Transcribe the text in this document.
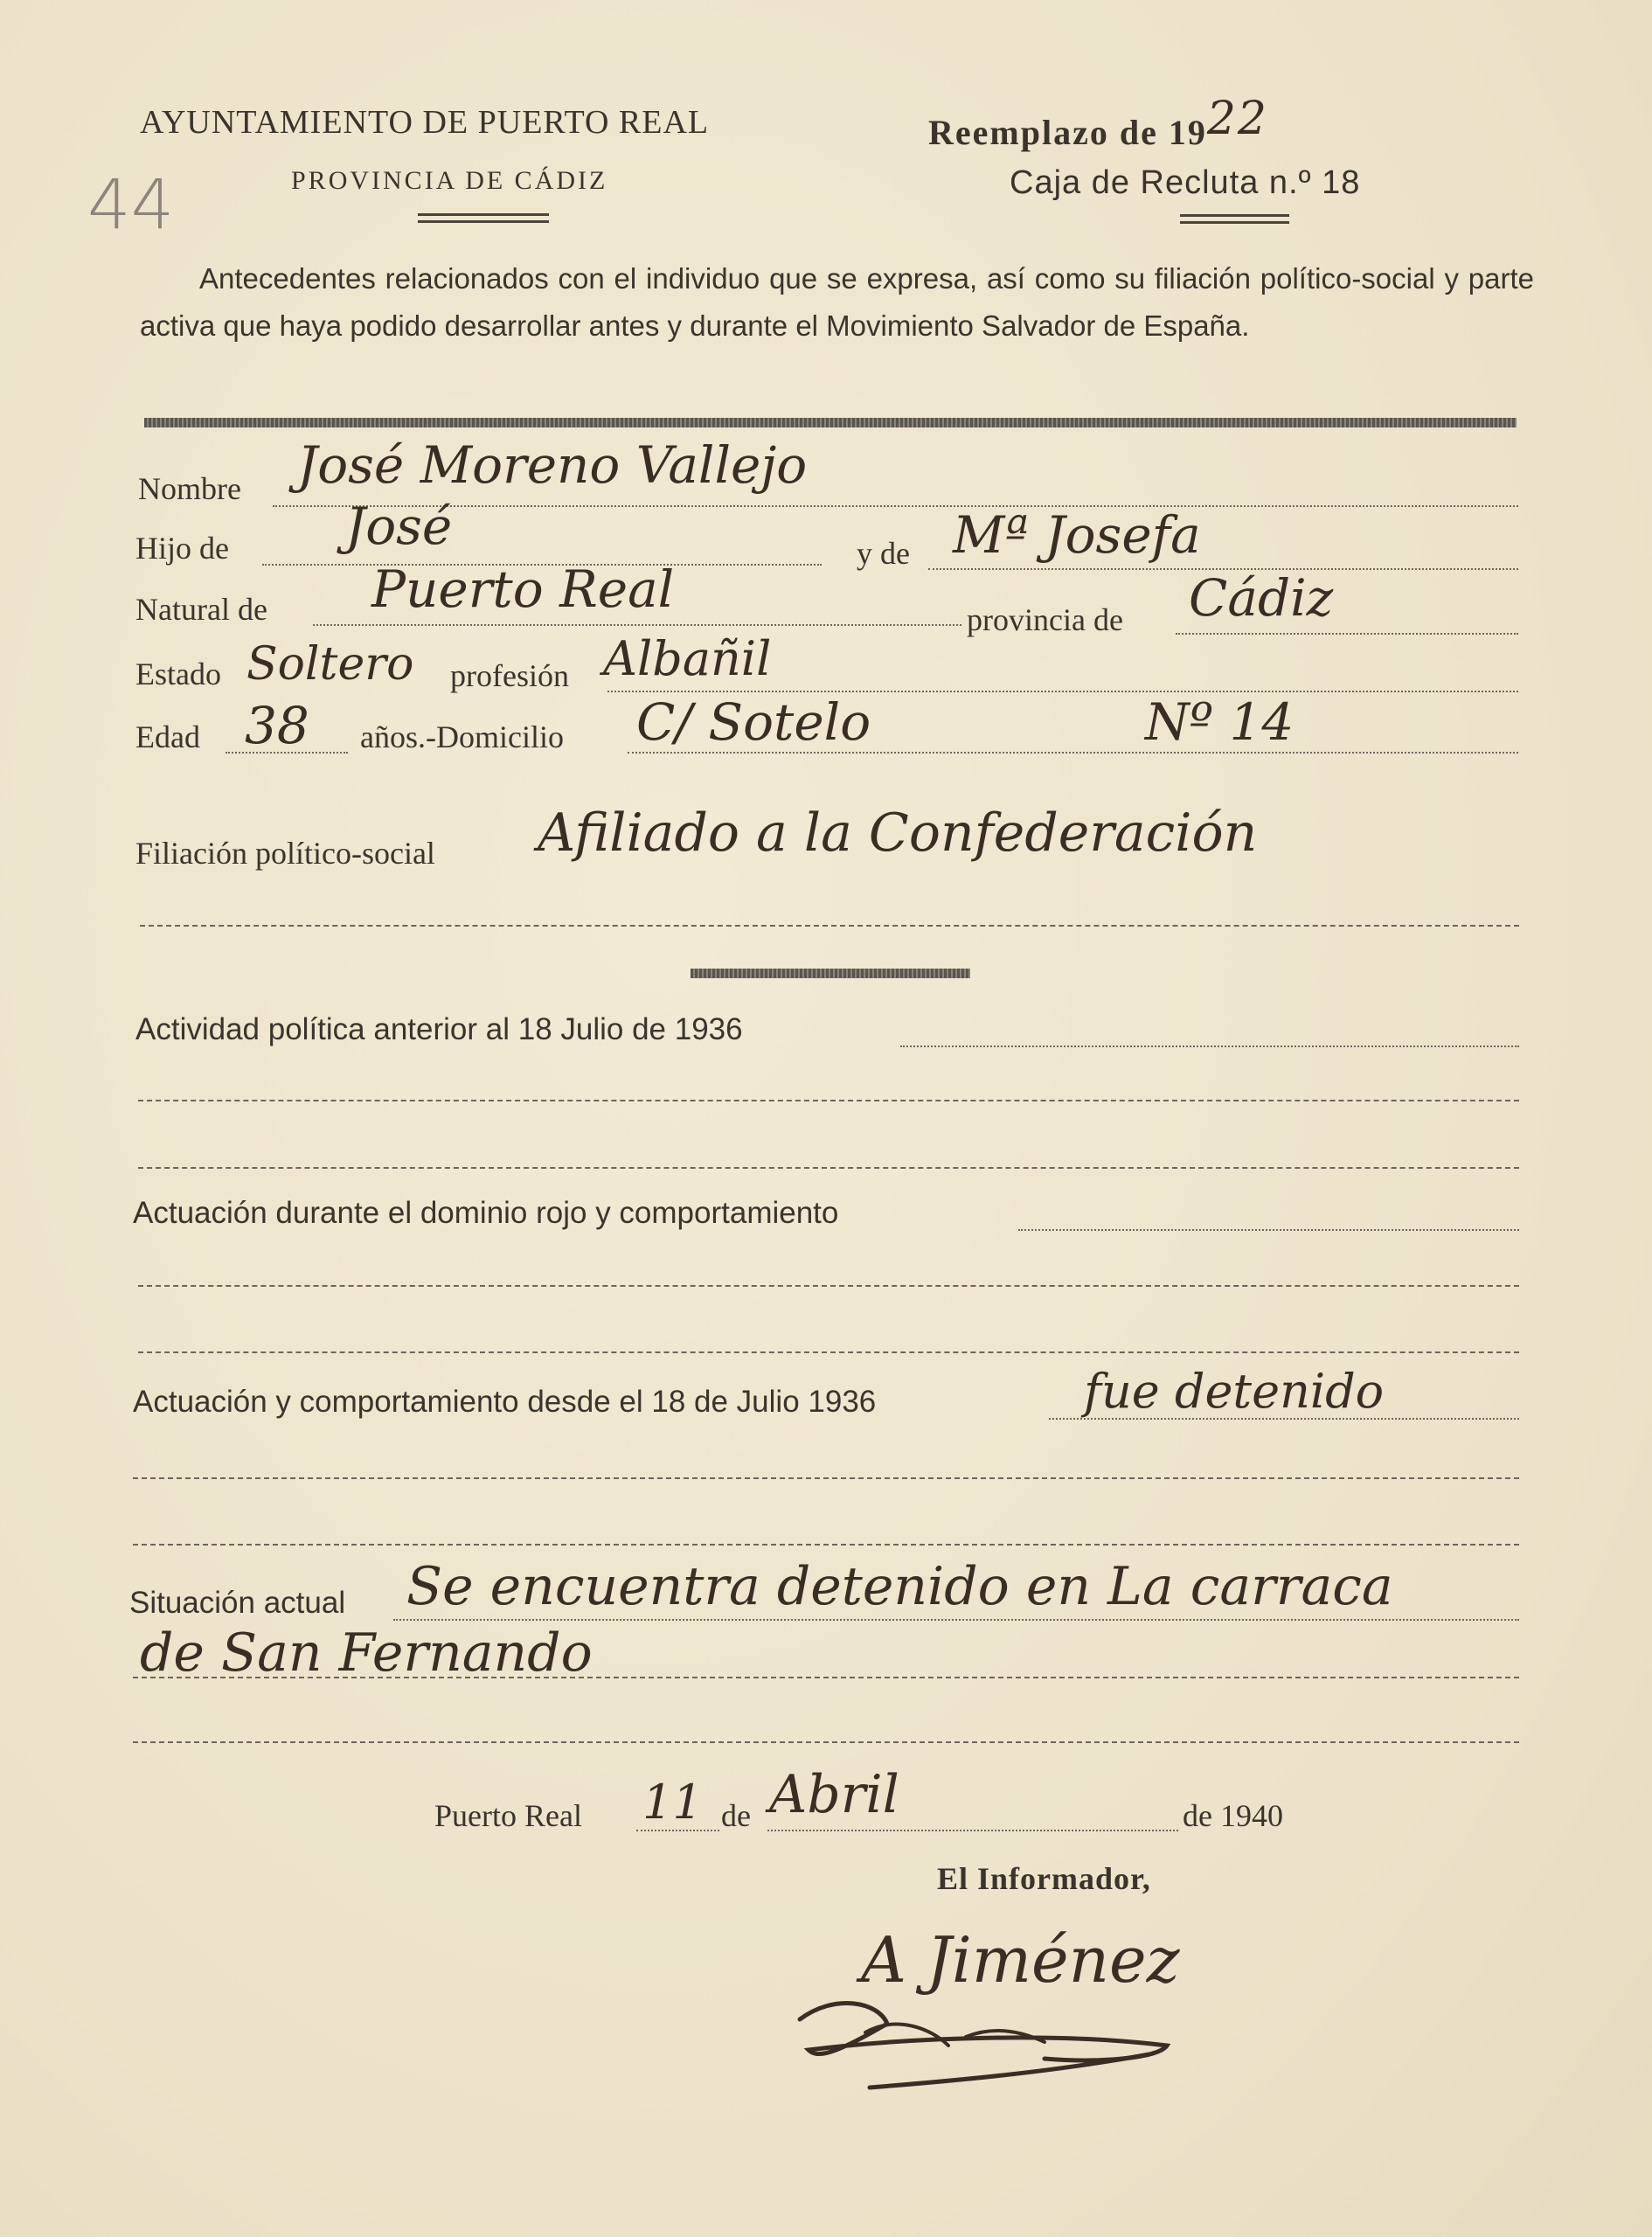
AYUNTAMIENTO DE PUERTO REAL
PROVINCIA DE CÁDIZ
Reemplazo de 1922
Caja de Recluta n.º 18
44
Antecedentes relacionados con el individuo que se expresa, así como su filiación político-social y parte activa que haya podido desarrollar antes y durante el Movimiento Salvador de España.
Nombre José Moreno Vallejo
Hijo de José	y de Mª Josefa
Natural de Puerto Real
provincia de Cádiz
Estado Soltero profesión Albañil
Edad 38 años.-Domicilio C/ Sotelo	Nº 14
Filiación político-social Afiliado a la Confederación
Actividad política anterior al 18 Julio de 1936
Actuación durante el dominio rojo y comportamiento
Actuación y comportamiento desde el 18 de Julio 1936	fue detenido
Situación actual Se encuentra detenido en La carraca
de San Fernando
Puerto Real 11 de Abril	de 1940
El Informador,
A Jiménez
